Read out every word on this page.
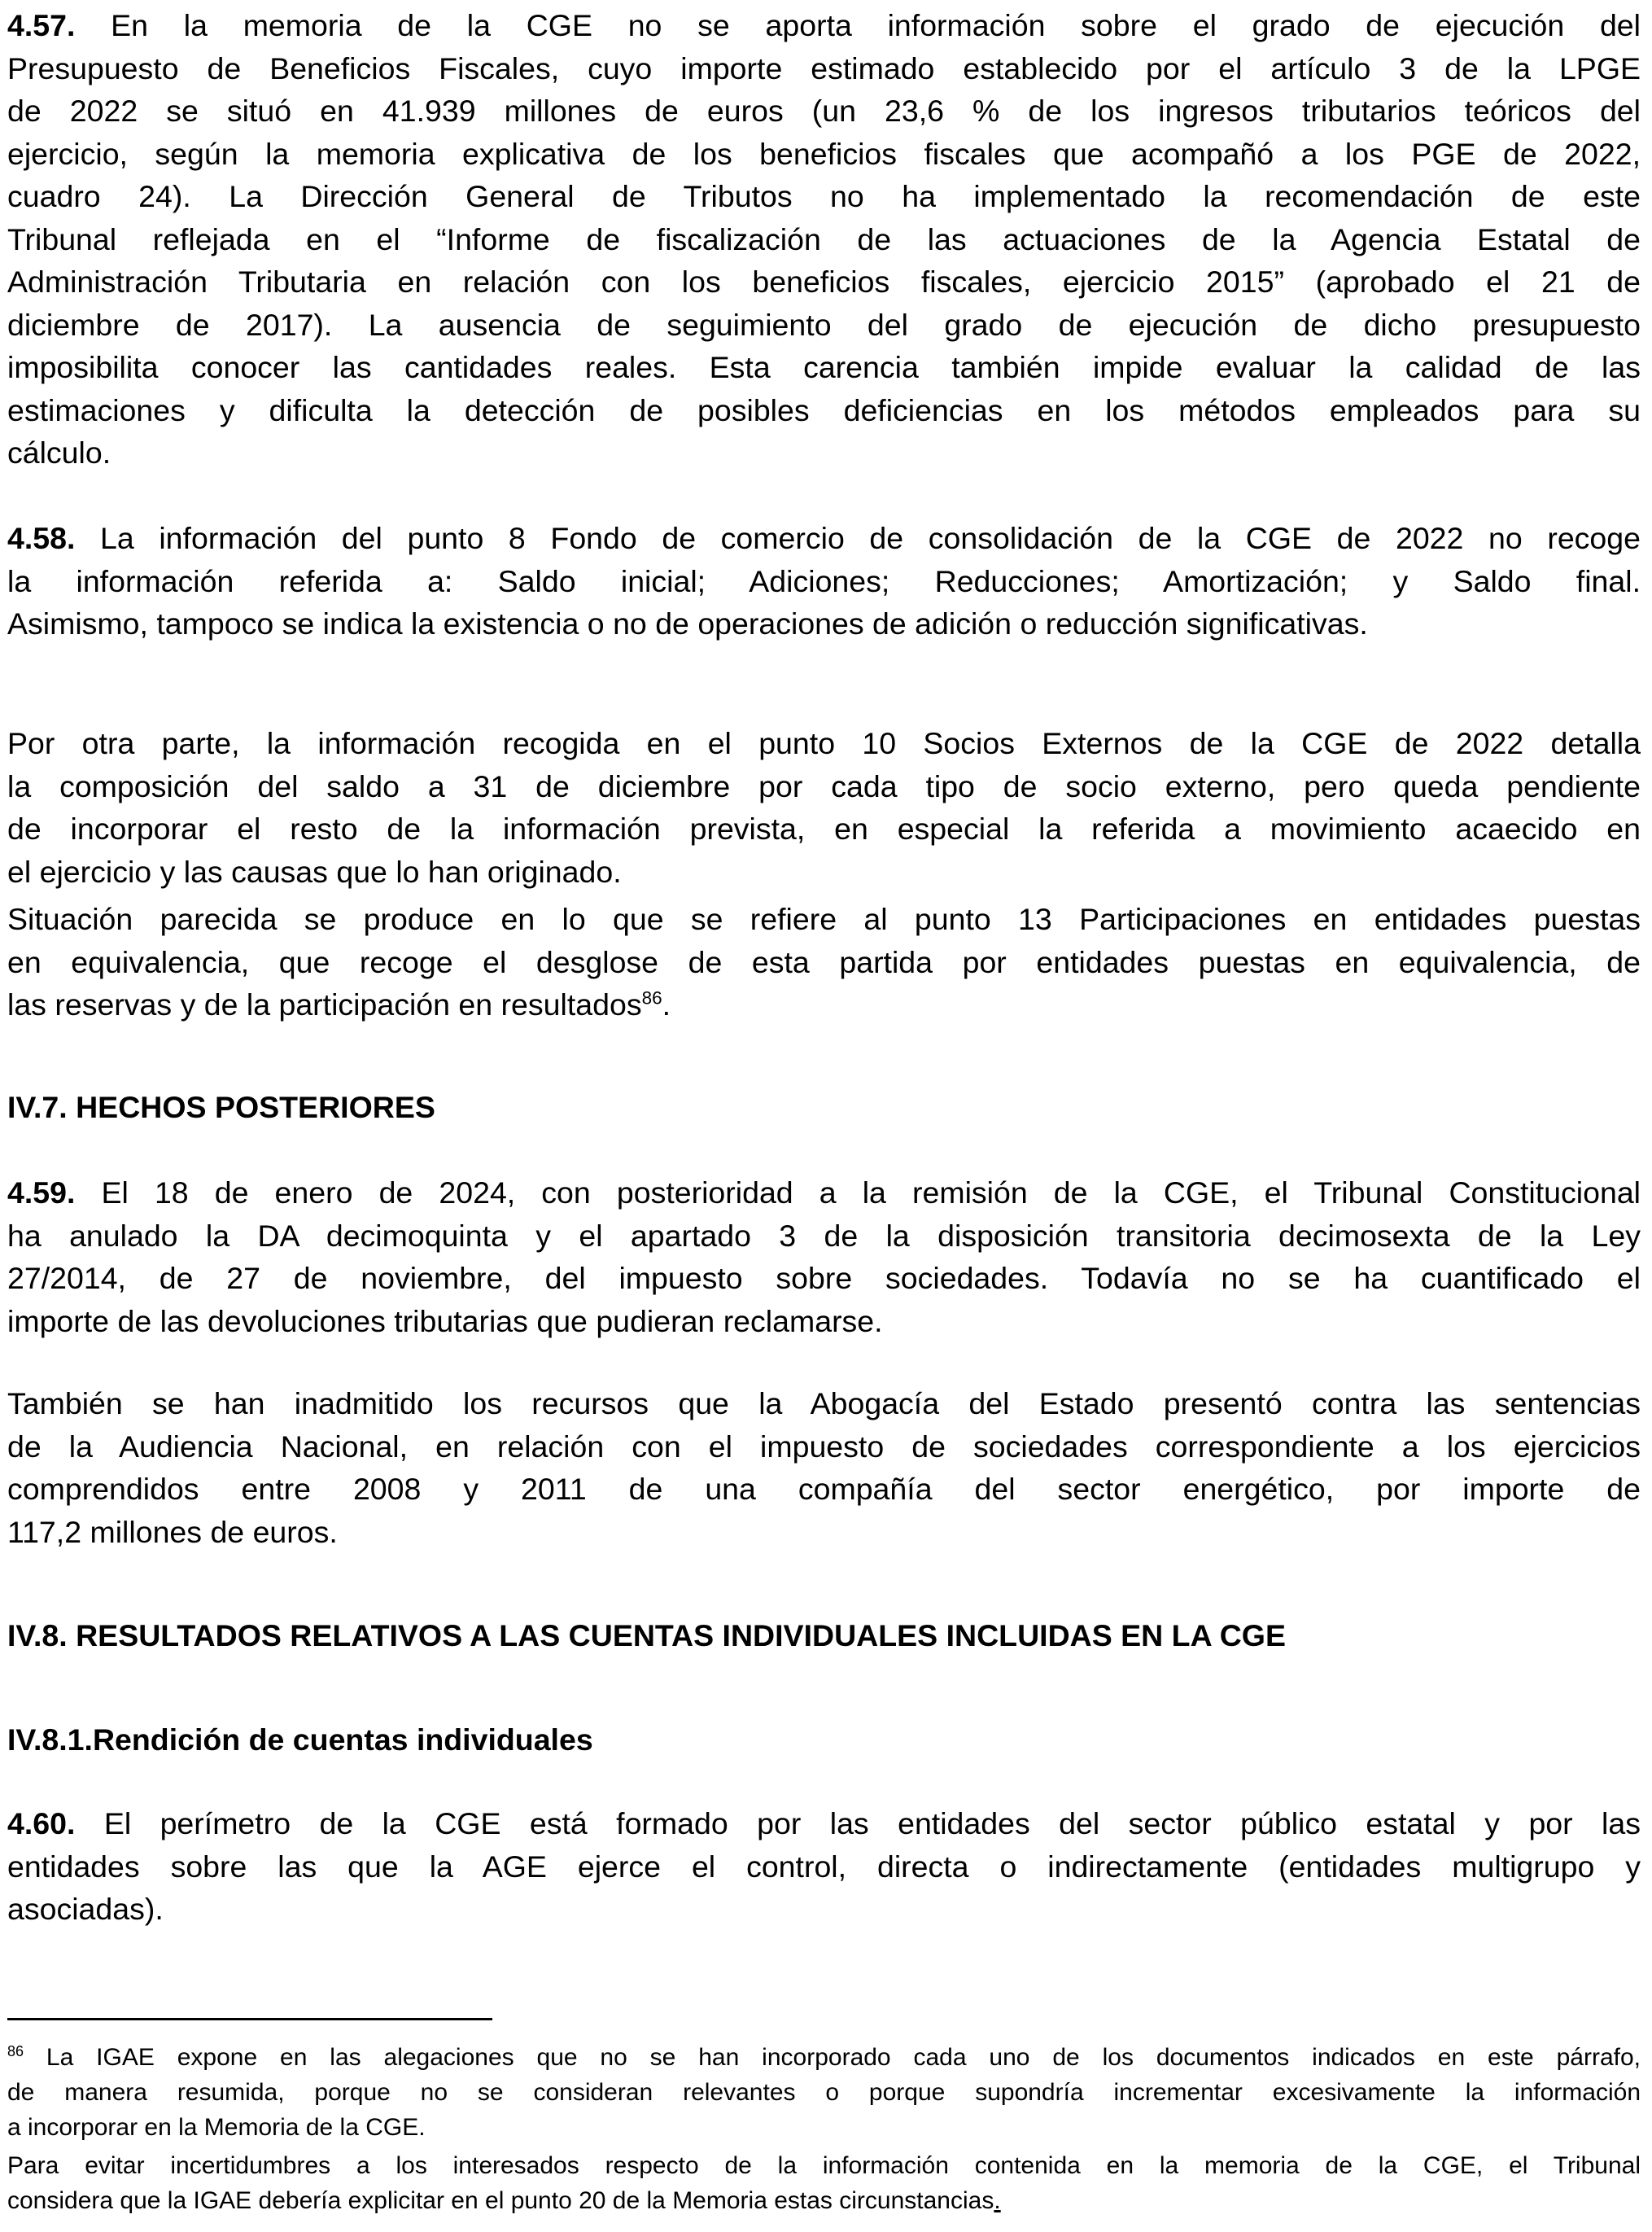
4.57. En la memoria de la CGE no se aporta información sobre el grado de ejecución del
Presupuesto de Beneficios Fiscales, cuyo importe estimado establecido por el artículo 3 de la LPGE
de 2022 se situó en 41.939 millones de euros (un 23,6 % de los ingresos tributarios teóricos del
ejercicio, según la memoria explicativa de los beneficios fiscales que acompañó a los PGE de 2022,
cuadro 24). La Dirección General de Tributos no ha implementado la recomendación de este
Tribunal reflejada en el “Informe de fiscalización de las actuaciones de la Agencia Estatal de
Administración Tributaria en relación con los beneficios fiscales, ejercicio 2015” (aprobado el 21 de
diciembre de 2017). La ausencia de seguimiento del grado de ejecución de dicho presupuesto
imposibilita conocer las cantidades reales. Esta carencia también impide evaluar la calidad de las
estimaciones y dificulta la detección de posibles deficiencias en los métodos empleados para su
cálculo.
4.58. La información del punto 8 Fondo de comercio de consolidación de la CGE de 2022 no recoge
la información referida a: Saldo inicial; Adiciones; Reducciones; Amortización; y Saldo final.
Asimismo, tampoco se indica la existencia o no de operaciones de adición o reducción significativas.
Por otra parte, la información recogida en el punto 10 Socios Externos de la CGE de 2022 detalla
la composición del saldo a 31 de diciembre por cada tipo de socio externo, pero queda pendiente
de incorporar el resto de la información prevista, en especial la referida a movimiento acaecido en
el ejercicio y las causas que lo han originado.
Situación parecida se produce en lo que se refiere al punto 13 Participaciones en entidades puestas
en equivalencia, que recoge el desglose de esta partida por entidades puestas en equivalencia, de
las reservas y de la participación en resultados$^{86}$.
IV.7. HECHOS POSTERIORES
4.59. El 18 de enero de 2024, con posterioridad a la remisión de la CGE, el Tribunal Constitucional
ha anulado la DA decimoquinta y el apartado 3 de la disposición transitoria decimosexta de la Ley
27/2014, de 27 de noviembre, del impuesto sobre sociedades. Todavía no se ha cuantificado el
importe de las devoluciones tributarias que pudieran reclamarse.
También se han inadmitido los recursos que la Abogacía del Estado presentó contra las sentencias
de la Audiencia Nacional, en relación con el impuesto de sociedades correspondiente a los ejercicios
comprendidos entre 2008 y 2011 de una compañía del sector energético, por importe de
117,2 millones de euros.
IV.8. RESULTADOS RELATIVOS A LAS CUENTAS INDIVIDUALES INCLUIDAS EN LA CGE
IV.8.1.Rendición de cuentas individuales
4.60. El perímetro de la CGE está formado por las entidades del sector público estatal y por las
entidades sobre las que la AGE ejerce el control, directa o indirectamente (entidades multigrupo y
asociadas).
$^{86}$ La IGAE expone en las alegaciones que no se han incorporado cada uno de los documentos indicados en este párrafo,
de manera resumida, porque no se consideran relevantes o porque supondría incrementar excesivamente la información
a incorporar en la Memoria de la CGE.
Para evitar incertidumbres a los interesados respecto de la información contenida en la memoria de la CGE, el Tribunal
considera que la IGAE debería explicitar en el punto 20 de la Memoria estas circunstancias.
